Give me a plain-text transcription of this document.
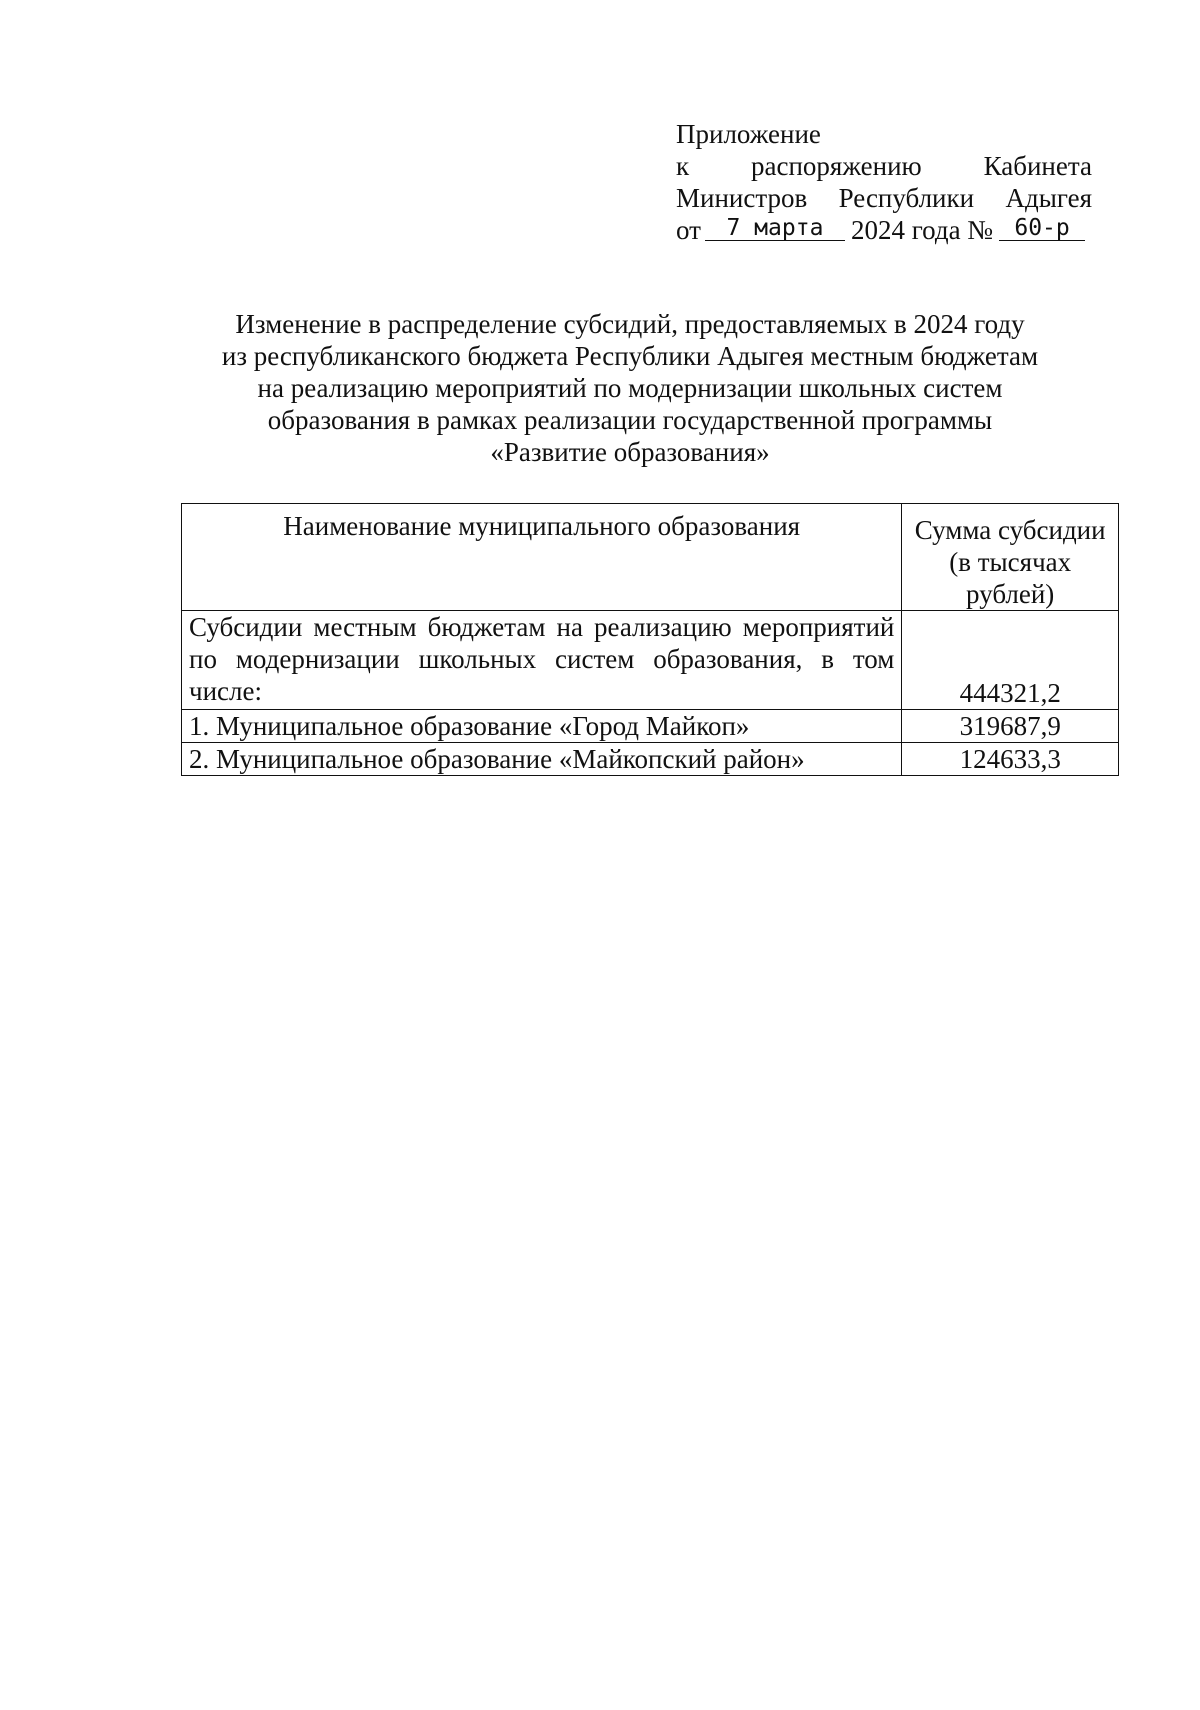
Приложение
к распоряжению Кабинета
Министров Республики Адыгея
от	7 марта	2024 года № 60-р
Изменение в распределение субсидий, предоставляемых в 2024 году
из республиканского бюджета Республики Адыгея местным бюджетам
на реализацию мероприятий по модернизации школьных систем
образования в рамках реализации государственной программы
«Развитие образования»
Наименование муниципального образования	Сумма субсидии (в тысячах рублей)
Субсидии местным бюджетам на реализацию мероприятий по модернизации школьных систем образования, в том числе:	444321,2
1. Муниципальное образование «Город Майкоп»	319687,9
2. Муниципальное образование «Майкопский район»	124633,3
